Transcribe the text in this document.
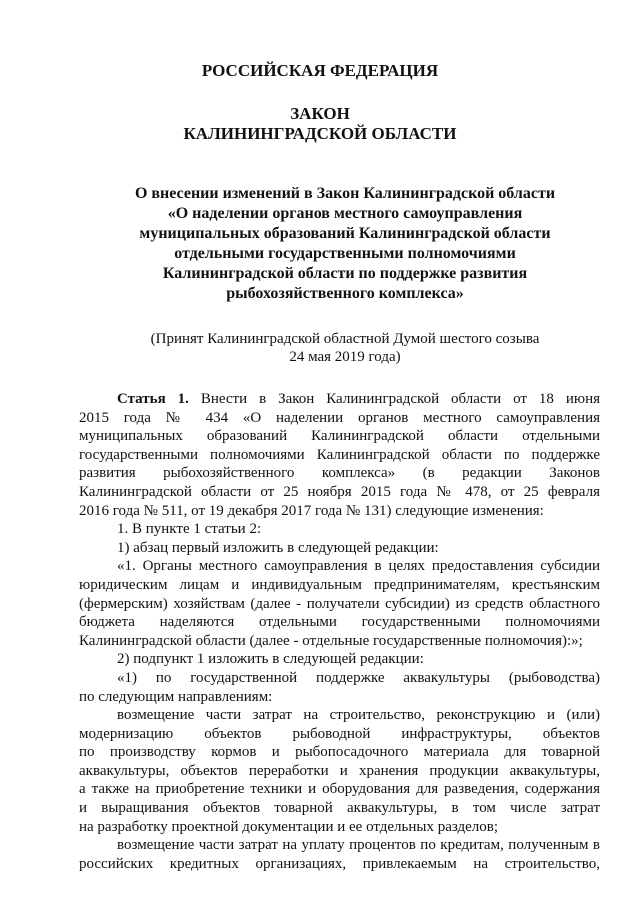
РОССИЙСКАЯ ФЕДЕРАЦИЯ
ЗАКОН
КАЛИНИНГРАДСКОЙ ОБЛАСТИ
О внесении изменений в Закон Калининградской области
«О наделении органов местного самоуправления
муниципальных образований Калининградской области
отдельными государственными полномочиями
Калининградской области по поддержке развития
рыбохозяйственного комплекса»
(Принят Калининградской областной Думой шестого созыва
24 мая 2019 года)
Статья 1. Внести в Закон Калининградской области от 18 июня
2015 года № 434 «О наделении органов местного самоуправления
муниципальных образований Калининградской области отдельными
государственными полномочиями Калининградской области по поддержке
развития рыбохозяйственного комплекса» (в редакции Законов
Калининградской области от 25 ноября 2015 года № 478, от 25 февраля
2016 года № 511, от 19 декабря 2017 года № 131) следующие изменения:
1. В пункте 1 статьи 2:
1) абзац первый изложить в следующей редакции:
«1. Органы местного самоуправления в целях предоставления субсидии
юридическим лицам и индивидуальным предпринимателям, крестьянским
(фермерским) хозяйствам (далее - получатели субсидии) из средств областного
бюджета наделяются отдельными государственными полномочиями
Калининградской области (далее - отдельные государственные полномочия):»;
2) подпункт 1 изложить в следующей редакции:
«1) по государственной поддержке аквакультуры (рыбоводства)
по следующим направлениям:
возмещение части затрат на строительство, реконструкцию и (или)
модернизацию объектов рыбоводной инфраструктуры, объектов
по производству кормов и рыбопосадочного материала для товарной
аквакультуры, объектов переработки и хранения продукции аквакультуры,
а также на приобретение техники и оборудования для разведения, содержания
и выращивания объектов товарной аквакультуры, в том числе затрат
на разработку проектной документации и ее отдельных разделов;
возмещение части затрат на уплату процентов по кредитам, полученным в
российских кредитных организациях, привлекаемым на строительство,
